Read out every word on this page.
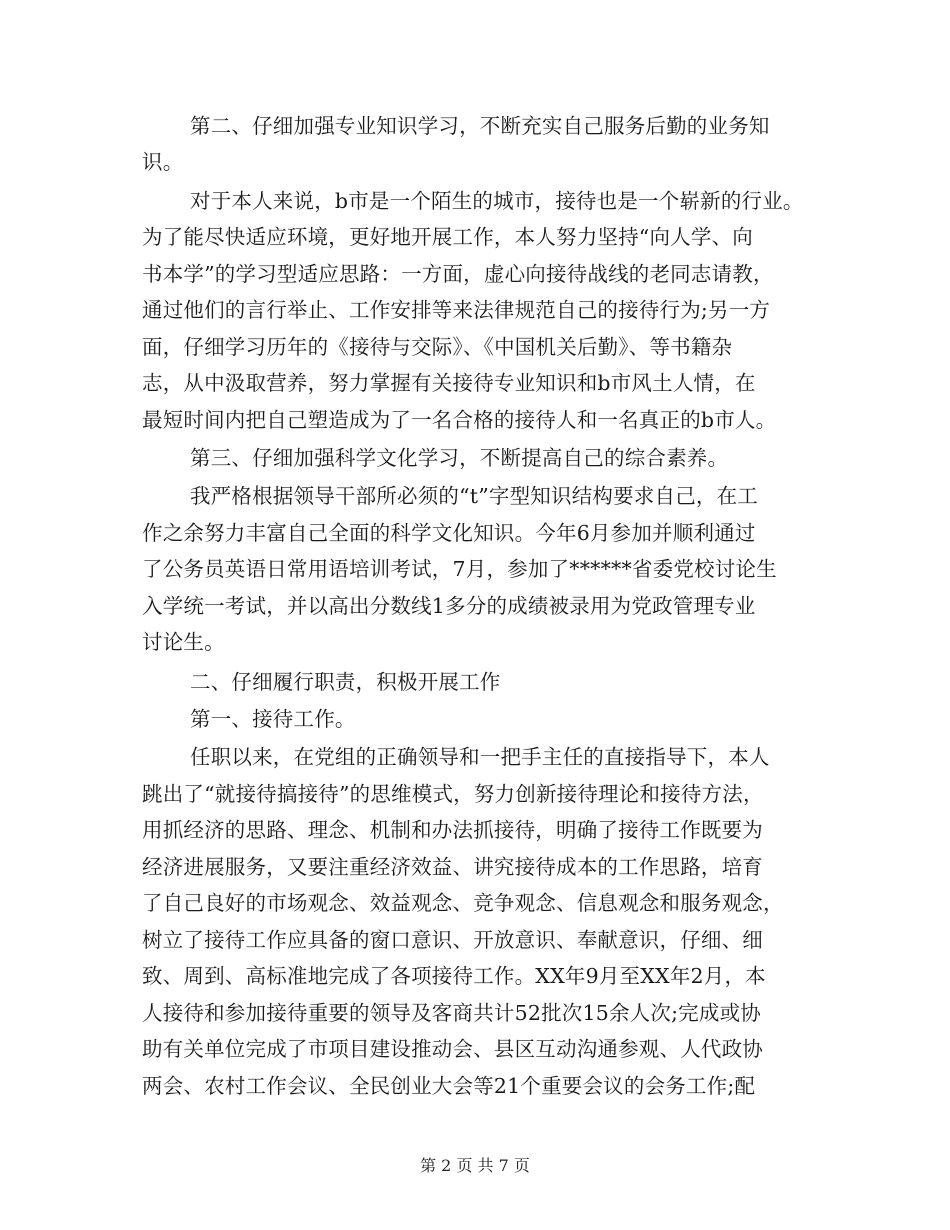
第二、仔细加强专业知识学习，不断充实自己服务后勤的业务知
识。
对于本人来说，b市是一个陌生的城市，接待也是一个崭新的行业。
为了能尽快适应环境，更好地开展工作，本人努力坚持“向人学、向
书本学”的学习型适应思路：一方面，虚心向接待战线的老同志请教，
通过他们的言行举止、工作安排等来法律规范自己的接待行为;另一方
面，仔细学习历年的《接待与交际》、《中国机关后勤》、等书籍杂
志，从中汲取营养，努力掌握有关接待专业知识和b市风土人情，在
最短时间内把自己塑造成为了一名合格的接待人和一名真正的b市人。
第三、仔细加强科学文化学习，不断提高自己的综合素养。
我严格根据领导干部所必须的“t”字型知识结构要求自己，在工
作之余努力丰富自己全面的科学文化知识。今年6月参加并顺利通过
了公务员英语日常用语培训考试，7月，参加了******省委党校讨论生
入学统一考试，并以高出分数线1多分的成绩被录用为党政管理专业
讨论生。
二、仔细履行职责，积极开展工作
第一、接待工作。
任职以来，在党组的正确领导和一把手主任的直接指导下，本人
跳出了“就接待搞接待”的思维模式，努力创新接待理论和接待方法，
用抓经济的思路、理念、机制和办法抓接待，明确了接待工作既要为
经济进展服务，又要注重经济效益、讲究接待成本的工作思路，培育
了自己良好的市场观念、效益观念、竞争观念、信息观念和服务观念，
树立了接待工作应具备的窗口意识、开放意识、奉献意识，仔细、细
致、周到、高标准地完成了各项接待工作。XX年9月至XX年2月，本
人接待和参加接待重要的领导及客商共计52批次15余人次;完成或协
助有关单位完成了市项目建设推动会、县区互动沟通参观、人代政协
两会、农村工作会议、全民创业大会等21个重要会议的会务工作;配
第 2 页 共 7 页
